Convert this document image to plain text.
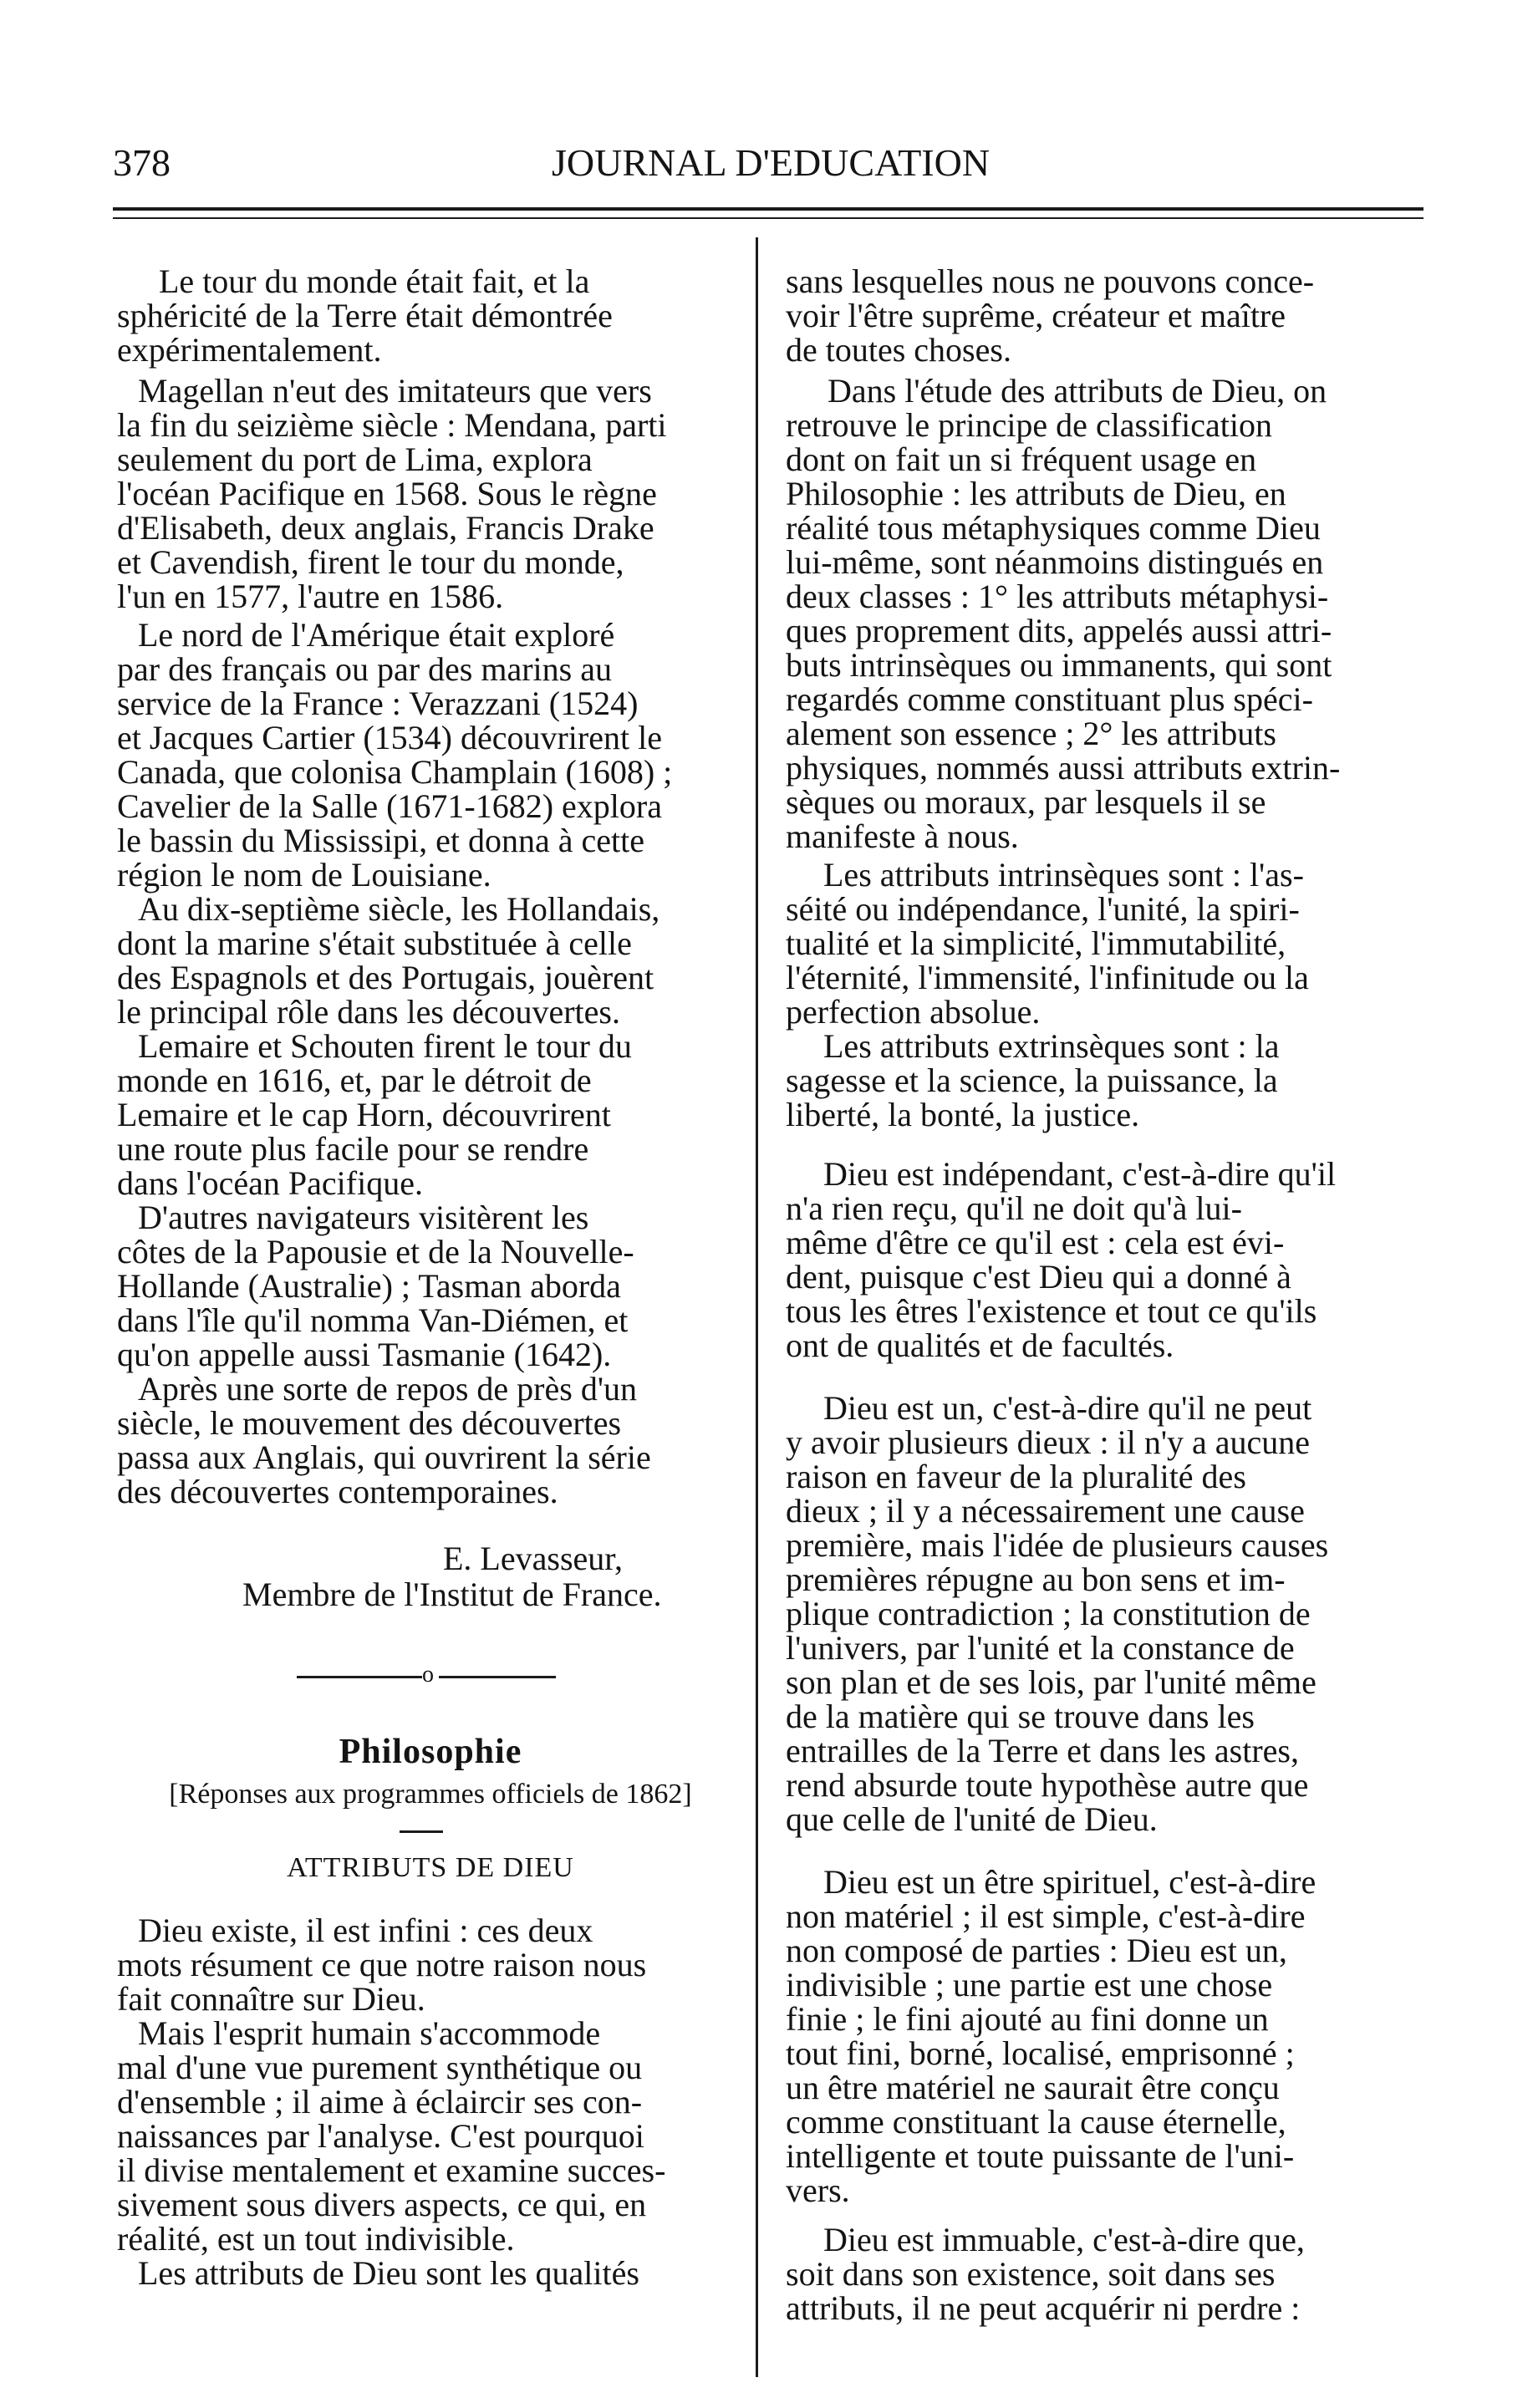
378	JOURNAL D'EDUCATION
Le tour du monde était fait, et la
sphéricité de la Terre était démontrée
expérimentalement.
Magellan n'eut des imitateurs que vers
la fin du seizième siècle : Mendana, parti
seulement du port de Lima, explora
l'océan Pacifique en 1568. Sous le règne
d'Elisabeth, deux anglais, Francis Drake
et Cavendish, firent le tour du monde,
l'un en 1577, l'autre en 1586.
Le nord de l'Amérique était exploré
par des français ou par des marins au
service de la France : Verazzani (1524)
et Jacques Cartier (1534) découvrirent le
Canada, que colonisa Champlain (1608) ;
Cavelier de la Salle (1671-1682) explora
le bassin du Mississipi, et donna à cette
région le nom de Louisiane.
Au dix-septième siècle, les Hollandais,
dont la marine s'était substituée à celle
des Espagnols et des Portugais, jouèrent
le principal rôle dans les découvertes.
Lemaire et Schouten firent le tour du
monde en 1616, et, par le détroit de
Lemaire et le cap Horn, découvrirent
une route plus facile pour se rendre
dans l'océan Pacifique.
D'autres navigateurs visitèrent les
côtes de la Papousie et de la Nouvelle-
Hollande (Australie) ; Tasman aborda
dans l'île qu'il nomma Van-Diémen, et
qu'on appelle aussi Tasmanie (1642).
Après une sorte de repos de près d'un
siècle, le mouvement des découvertes
passa aux Anglais, qui ouvrirent la série
des découvertes contemporaines.
E. Levasseur,
Membre de l'Institut de France.
o
Philosophie
[Réponses aux programmes officiels de 1862]
ATTRIBUTS DE DIEU
Dieu existe, il est infini : ces deux
mots résument ce que notre raison nous
fait connaître sur Dieu.
Mais l'esprit humain s'accommode
mal d'une vue purement synthétique ou
d'ensemble ; il aime à éclaircir ses con-
naissances par l'analyse. C'est pourquoi
il divise mentalement et examine succes-
sivement sous divers aspects, ce qui, en
réalité, est un tout indivisible.
Les attributs de Dieu sont les qualités
sans lesquelles nous ne pouvons conce-
voir l'être suprême, créateur et maître
de toutes choses.
Dans l'étude des attributs de Dieu, on
retrouve le principe de classification
dont on fait un si fréquent usage en
Philosophie : les attributs de Dieu, en
réalité tous métaphysiques comme Dieu
lui-même, sont néanmoins distingués en
deux classes : 1° les attributs métaphysi-
ques proprement dits, appelés aussi attri-
buts intrinsèques ou immanents, qui sont
regardés comme constituant plus spéci-
alement son essence ; 2° les attributs
physiques, nommés aussi attributs extrin-
sèques ou moraux, par lesquels il se
manifeste à nous.
Les attributs intrinsèques sont : l'as-
séité ou indépendance, l'unité, la spiri-
tualité et la simplicité, l'immutabilité,
l'éternité, l'immensité, l'infinitude ou la
perfection absolue.
Les attributs extrinsèques sont : la
sagesse et la science, la puissance, la
liberté, la bonté, la justice.
Dieu est indépendant, c'est-à-dire qu'il
n'a rien reçu, qu'il ne doit qu'à lui-
même d'être ce qu'il est : cela est évi-
dent, puisque c'est Dieu qui a donné à
tous les êtres l'existence et tout ce qu'ils
ont de qualités et de facultés.
Dieu est un, c'est-à-dire qu'il ne peut
y avoir plusieurs dieux : il n'y a aucune
raison en faveur de la pluralité des
dieux ; il y a nécessairement une cause
première, mais l'idée de plusieurs causes
premières répugne au bon sens et im-
plique contradiction ; la constitution de
l'univers, par l'unité et la constance de
son plan et de ses lois, par l'unité même
de la matière qui se trouve dans les
entrailles de la Terre et dans les astres,
rend absurde toute hypothèse autre que
que celle de l'unité de Dieu.
Dieu est un être spirituel, c'est-à-dire
non matériel ; il est simple, c'est-à-dire
non composé de parties : Dieu est un,
indivisible ; une partie est une chose
finie ; le fini ajouté au fini donne un
tout fini, borné, localisé, emprisonné ;
un être matériel ne saurait être conçu
comme constituant la cause éternelle,
intelligente et toute puissante de l'uni-
vers.
Dieu est immuable, c'est-à-dire que,
soit dans son existence, soit dans ses
attributs, il ne peut acquérir ni perdre :
